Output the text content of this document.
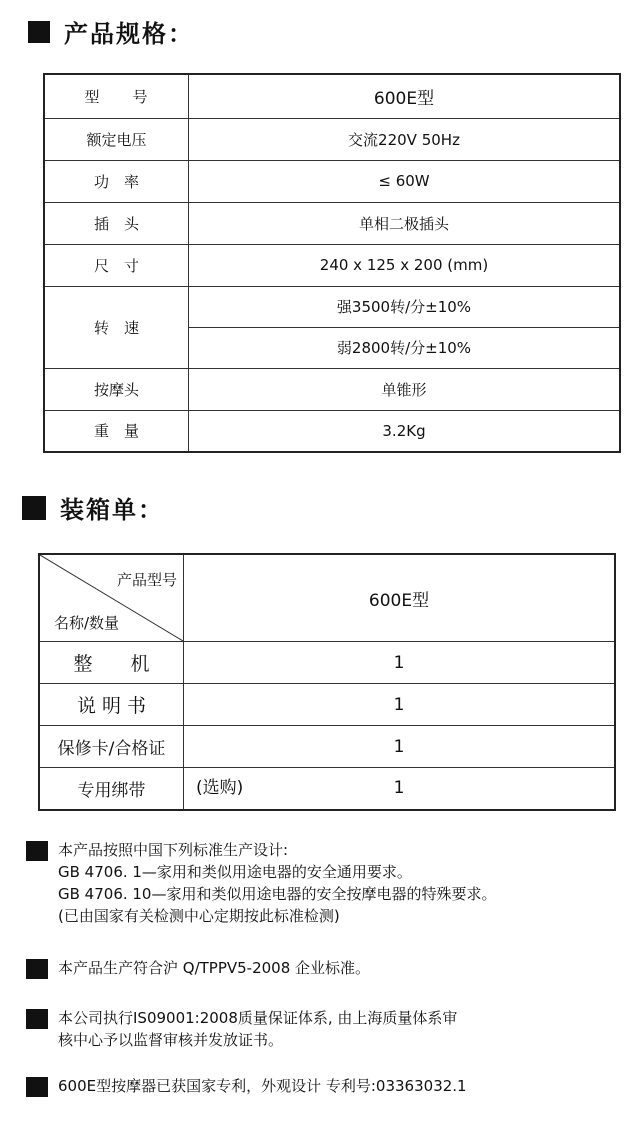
产品规格：
型　　号	600E型
额定电压	交流220V 50Hz
功　率	≤ 60W
插　头	单相二极插头
尺　寸	240 x 125 x 200 (mm)
转　速	强3500转/分±10%
	弱2800转/分±10%
按摩头	单锥形
重　量	3.2Kg
装箱单：
产品型号
名称/数量	600E型
整　　机	1
说 明 书	1
保修卡/合格证	1
专用绑带	(选购) 1

本产品按照中国下列标准生产设计:

GB 4706. 1—家用和类似用途电器的安全通用要求。

GB 4706. 10—家用和类似用途电器的安全按摩电器的特殊要求。

(已由国家有关检测中心定期按此标准检测)

本产品生产符合沪 Q/TPPV5-2008 企业标准。

本公司执行IS09001:2008质量保证体系, 由上海质量体系审

核中心予以监督审核并发放证书。

600E型按摩器已获国家专利，外观设计 专利号:03363032.1
